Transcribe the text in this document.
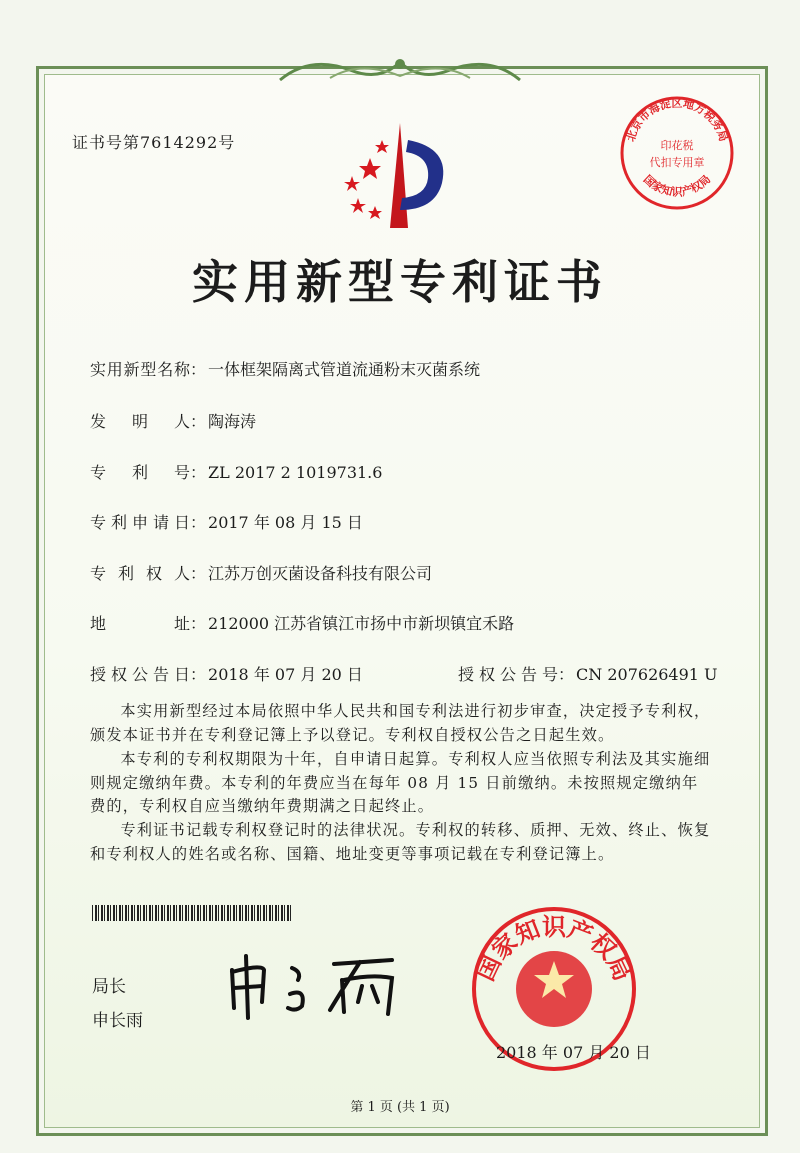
证书号第7614292号	印花税
代扣专用章
北京市海淀区地方税务局
国家知识产权局
实用新型专利证书
实用新型名称： 一体框架隔离式管道流通粉末灭菌系统
发明人： 陶海涛
专利号： ZL 2017 2 1019731.6
专利申请日： 2017 年 08 月 15 日
专利权人： 江苏万创灭菌设备科技有限公司
地址： 212000 江苏省镇江市扬中市新坝镇宜禾路
授权公告日： 2018 年 07 月 20 日	授权公告号： CN 207626491 U
本实用新型经过本局依照中华人民共和国专利法进行初步审查，决定授予专利权，颁发本证书并在专利登记簿上予以登记。专利权自授权公告之日起生效。
本专利的专利权期限为十年，自申请日起算。专利权人应当依照专利法及其实施细则规定缴纳年费。本专利的年费应当在每年 08 月 15 日前缴纳。未按照规定缴纳年费的，专利权自应当缴纳年费期满之日起终止。
专利证书记载专利权登记时的法律状况。专利权的转移、质押、无效、终止、恢复和专利权人的姓名或名称、国籍、地址变更等事项记载在专利登记簿上。
局长
申长雨
国家知识产权局
2018 年 07 月 20 日
第 1 页 (共 1 页)
